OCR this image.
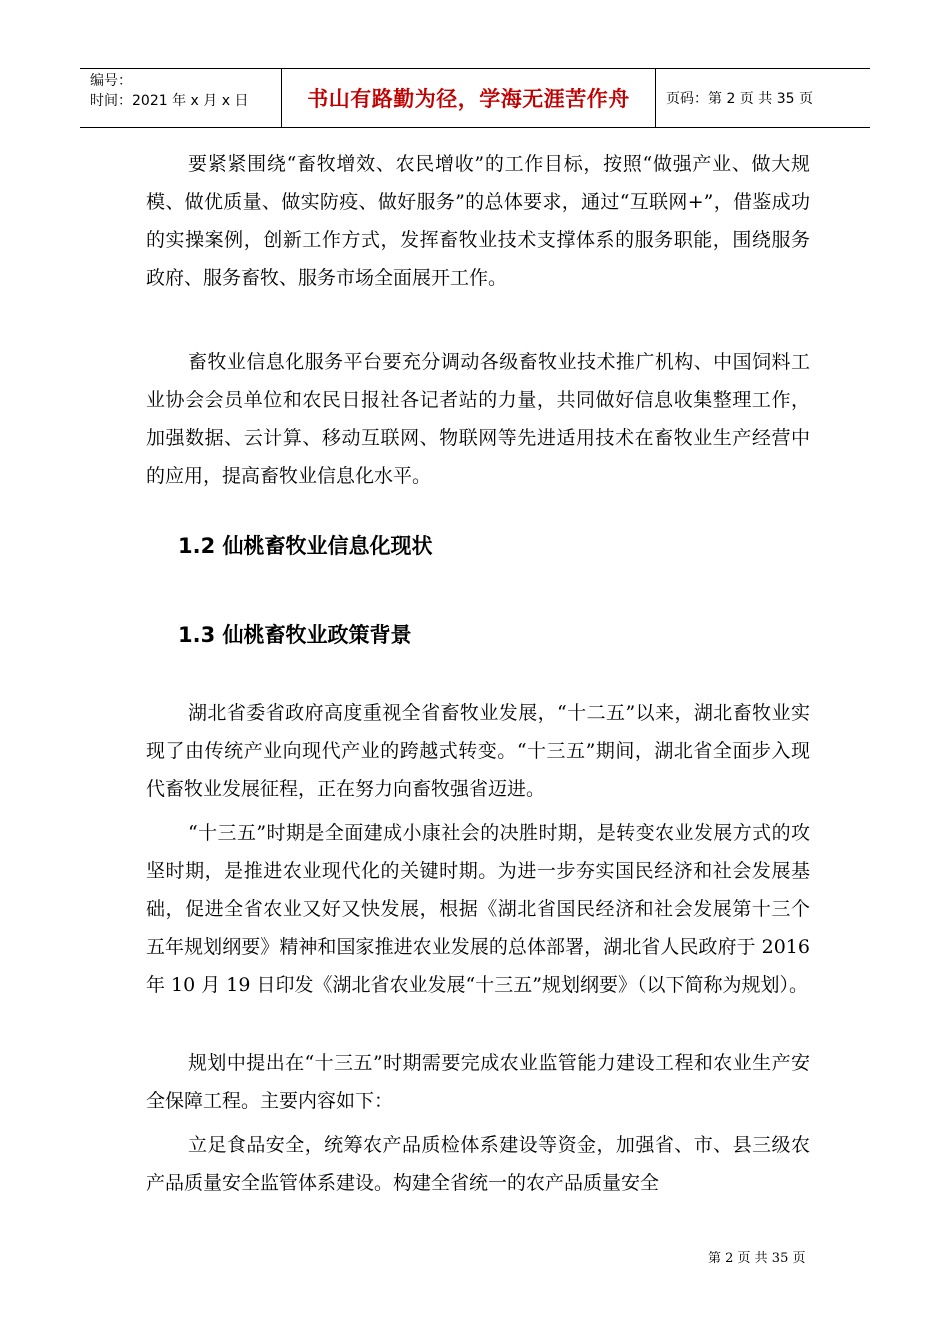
编号：
时间：2021 年 x 月 x 日	书山有路勤为径，学海无涯苦作舟	页码：第 2 页 共 35 页

要紧紧围绕“畜牧增效、农民增收”的工作目标，按照“做强产业、做大规模、做优质量、做实防疫、做好服务”的总体要求，通过“互联网+”，借鉴成功的实操案例，创新工作方式，发挥畜牧业技术支撑体系的服务职能，围绕服务政府、服务畜牧、服务市场全面展开工作。

畜牧业信息化服务平台要充分调动各级畜牧业技术推广机构、中国饲料工业协会会员单位和农民日报社各记者站的力量，共同做好信息收集整理工作，加强数据、云计算、移动互联网、物联网等先进适用技术在畜牧业生产经营中的应用，提高畜牧业信息化水平。

1.2 仙桃畜牧业信息化现状
1.3 仙桃畜牧业政策背景

湖北省委省政府高度重视全省畜牧业发展，“十二五”以来，湖北畜牧业实现了由传统产业向现代产业的跨越式转变。“十三五”期间，湖北省全面步入现代畜牧业发展征程，正在努力向畜牧强省迈进。

“十三五”时期是全面建成小康社会的决胜时期，是转变农业发展方式的攻坚时期，是推进农业现代化的关键时期。为进一步夯实国民经济和社会发展基础，促进全省农业又好又快发展，根据《湖北省国民经济和社会发展第十三个五年规划纲要》精神和国家推进农业发展的总体部署，湖北省人民政府于 2016 年 10 月 19 日印发《湖北省农业发展“十三五”规划纲要》（以下简称为规划）。

规划中提出在“十三五”时期需要完成农业监管能力建设工程和农业生产安全保障工程。主要内容如下：

立足食品安全，统筹农产品质检体系建设等资金，加强省、市、县三级农产品质量安全监管体系建设。构建全省统一的农产品质量安全

第 2 页 共 35 页
